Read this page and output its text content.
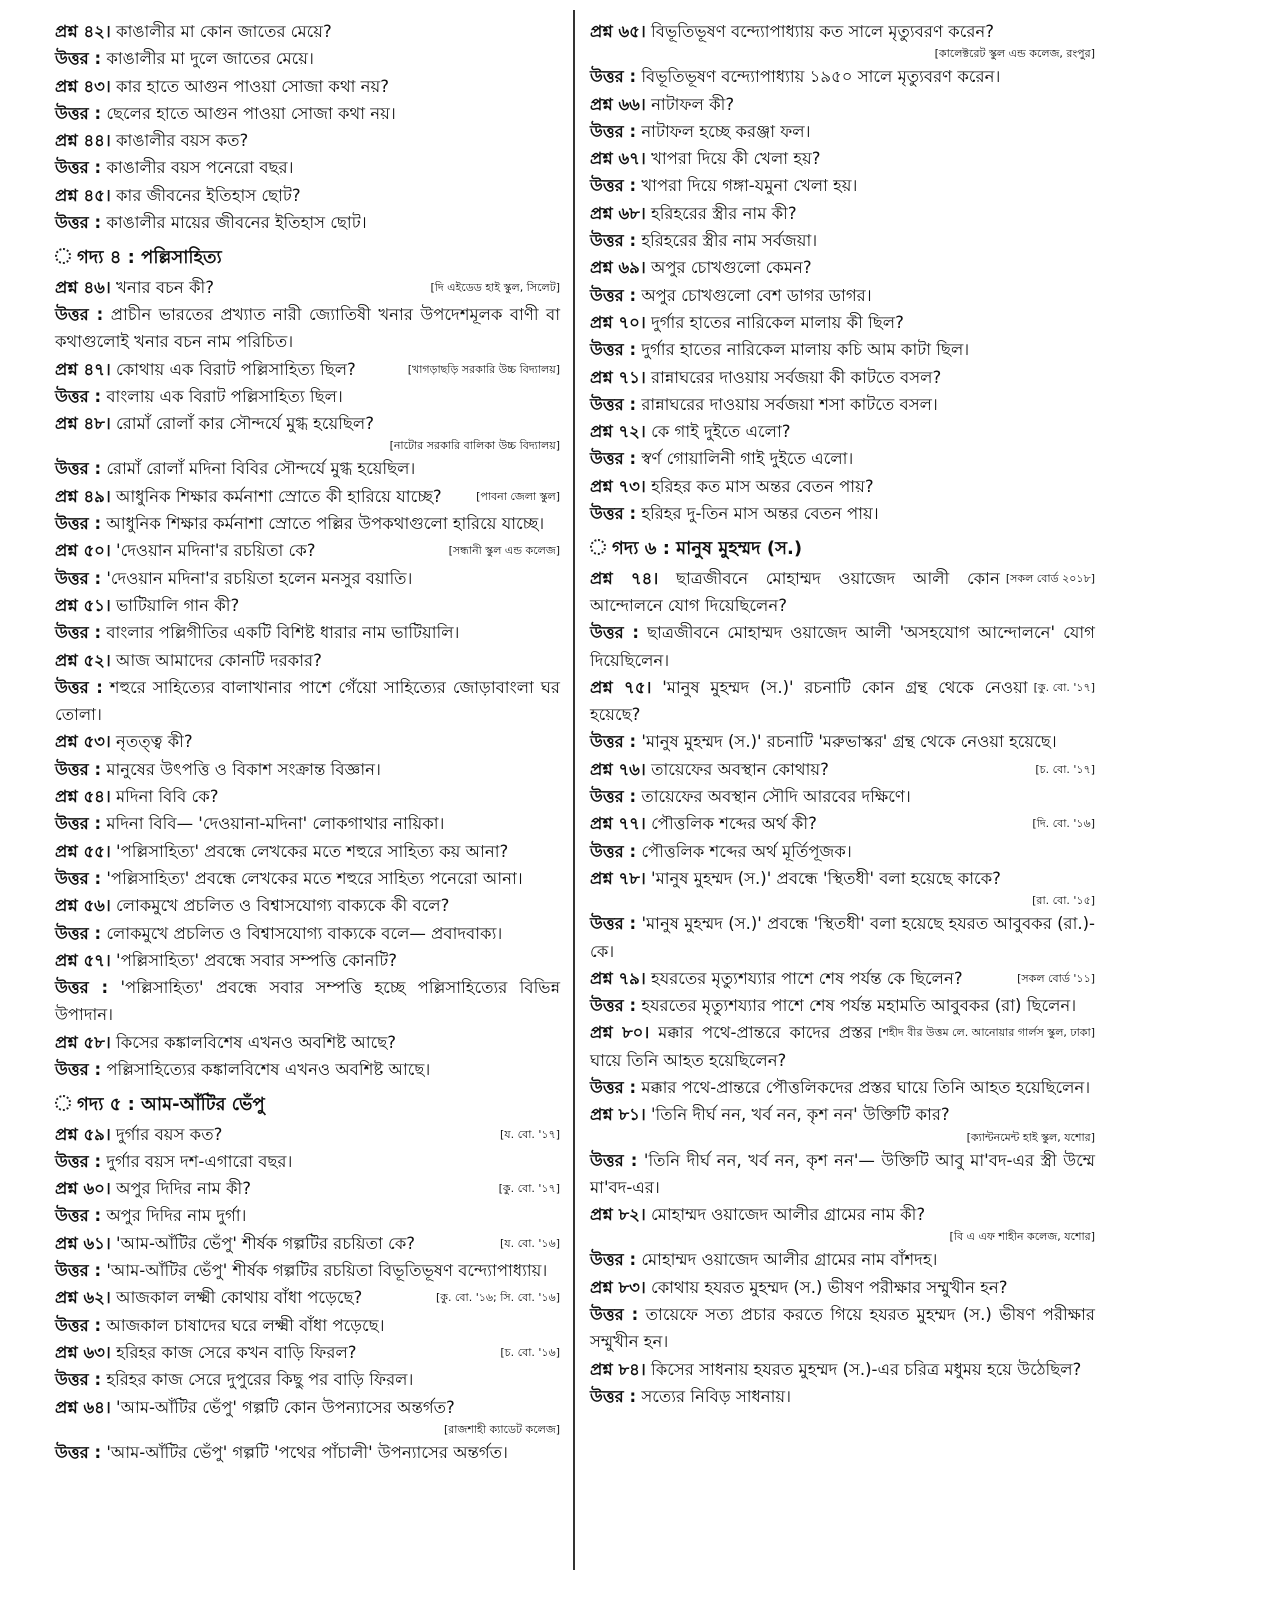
প্রশ্ন ৪২। কাঙালীর মা কোন জাতের মেয়ে?
উত্তর : কাঙালীর মা দুলে জাতের মেয়ে।
প্রশ্ন ৪৩। কার হাতে আগুন পাওয়া সোজা কথা নয়?
উত্তর : ছেলের হাতে আগুন পাওয়া সোজা কথা নয়।
প্রশ্ন ৪৪। কাঙালীর বয়স কত?
উত্তর : কাঙালীর বয়স পনেরো বছর।
প্রশ্ন ৪৫। কার জীবনের ইতিহাস ছোট?
উত্তর : কাঙালীর মায়ের জীবনের ইতিহাস ছোট।
গদ্য ৪ : পল্লিসাহিত্য
প্রশ্ন ৪৬।	[দি এইডেড হাই স্কুল, সিলেট]
খনার বচন কী?
উত্তর : প্রাচীন ভারতের প্রখ্যাত নারী জ্যোতিষী খনার উপদেশমূলক বাণী বা কথাগুলোই খনার বচন নাম পরিচিত।
প্রশ্ন ৪৭।	[খাগড়াছড়ি সরকারি উচ্চ বিদ্যালয়]
কোথায় এক বিরাট পল্লিসাহিত্য ছিল?
উত্তর : বাংলায় এক বিরাট পল্লিসাহিত্য ছিল।
প্রশ্ন ৪৮। রোমাঁ রোলাঁ কার সৌন্দর্যে মুগ্ধ হয়েছিল?
[নাটোর সরকারি বালিকা উচ্চ বিদ্যালয়]
উত্তর : রোমাঁ রোলাঁ মদিনা বিবির সৌন্দর্যে মুগ্ধ হয়েছিল।
প্রশ্ন ৪৯।	[পাবনা জেলা স্কুল]
আধুনিক শিক্ষার কর্মনাশা স্রোতে কী হারিয়ে যাচ্ছে?
উত্তর : আধুনিক শিক্ষার কর্মনাশা স্রোতে পল্লির উপকথাগুলো হারিয়ে যাচ্ছে।
প্রশ্ন ৫০।	[সন্ধানী স্কুল এন্ড কলেজ]
'দেওয়ান মদিনা'র রচয়িতা কে?
উত্তর : 'দেওয়ান মদিনা'র রচয়িতা হলেন মনসুর বয়াতি।
প্রশ্ন ৫১। ভাটিয়ালি গান কী?
উত্তর : বাংলার পল্লিগীতির একটি বিশিষ্ট ধারার নাম ভাটিয়ালি।
প্রশ্ন ৫২। আজ আমাদের কোনটি দরকার?
উত্তর : শহুরে সাহিত্যের বালাখানার পাশে গেঁয়ো সাহিত্যের জোড়াবাংলা ঘর তোলা।
প্রশ্ন ৫৩। নৃতত্ত্ব কী?
উত্তর : মানুষের উৎপত্তি ও বিকাশ সংক্রান্ত বিজ্ঞান।
প্রশ্ন ৫৪। মদিনা বিবি কে?
উত্তর : মদিনা বিবি— 'দেওয়ানা-মদিনা' লোকগাথার নায়িকা।
প্রশ্ন ৫৫। 'পল্লিসাহিত্য' প্রবন্ধে লেখকের মতে শহুরে সাহিত্য কয় আনা?
উত্তর : 'পল্লিসাহিত্য' প্রবন্ধে লেখকের মতে শহুরে সাহিত্য পনেরো আনা।
প্রশ্ন ৫৬। লোকমুখে প্রচলিত ও বিশ্বাসযোগ্য বাক্যকে কী বলে?
উত্তর : লোকমুখে প্রচলিত ও বিশ্বাসযোগ্য বাক্যকে বলে— প্রবাদবাক্য।
প্রশ্ন ৫৭। 'পল্লিসাহিত্য' প্রবন্ধে সবার সম্পত্তি কোনটি?
উত্তর : 'পল্লিসাহিত্য' প্রবন্ধে সবার সম্পত্তি হচ্ছে পল্লিসাহিত্যের বিভিন্ন উপাদান।
প্রশ্ন ৫৮। কিসের কঙ্কালবিশেষ এখনও অবশিষ্ট আছে?
উত্তর : পল্লিসাহিত্যের কঙ্কালবিশেষ এখনও অবশিষ্ট আছে।
গদ্য ৫ : আম-আঁটির ভেঁপু
প্রশ্ন ৫৯।	[য. বো. '১৭]
দুর্গার বয়স কত?
উত্তর : দুর্গার বয়স দশ-এগারো বছর।
প্রশ্ন ৬০।	[কু. বো. '১৭]
অপুর দিদির নাম কী?
উত্তর : অপুর দিদির নাম দুর্গা।
প্রশ্ন ৬১।	[য. বো. '১৬]
'আম-আঁটির ভেঁপু' শীর্ষক গল্পটির রচয়িতা কে?
উত্তর : 'আম-আঁটির ভেঁপু' শীর্ষক গল্পটির রচয়িতা বিভূতিভূষণ বন্দ্যোপাধ্যায়।
প্রশ্ন ৬২।	[কু. বো. '১৬; সি. বো. '১৬]
আজকাল লক্ষ্মী কোথায় বাঁধা পড়েছে?
উত্তর : আজকাল চাষাদের ঘরে লক্ষ্মী বাঁধা পড়েছে।
প্রশ্ন ৬৩।	[চ. বো. '১৬]
হরিহর কাজ সেরে কখন বাড়ি ফিরল?
উত্তর : হরিহর কাজ সেরে দুপুরের কিছু পর বাড়ি ফিরল।
প্রশ্ন ৬৪। 'আম-আঁটির ভেঁপু' গল্পটি কোন উপন্যাসের অন্তর্গত?
[রাজশাহী ক্যাডেট কলেজ]
উত্তর : 'আম-আঁটির ভেঁপু' গল্পটি 'পথের পাঁচালী' উপন্যাসের অন্তর্গত।
প্রশ্ন ৬৫। বিভূতিভূষণ বন্দ্যোপাধ্যায় কত সালে মৃত্যুবরণ করেন?
[কালেক্টরেট স্কুল এন্ড কলেজ, রংপুর]
উত্তর : বিভূতিভূষণ বন্দ্যোপাধ্যায় ১৯৫০ সালে মৃত্যুবরণ করেন।
প্রশ্ন ৬৬। নাটাফল কী?
উত্তর : নাটাফল হচ্ছে করঞ্জা ফল।
প্রশ্ন ৬৭। খাপরা দিয়ে কী খেলা হয়?
উত্তর : খাপরা দিয়ে গঙ্গা-যমুনা খেলা হয়।
প্রশ্ন ৬৮। হরিহরের স্ত্রীর নাম কী?
উত্তর : হরিহরের স্ত্রীর নাম সর্বজয়া।
প্রশ্ন ৬৯। অপুর চোখগুলো কেমন?
উত্তর : অপুর চোখগুলো বেশ ডাগর ডাগর।
প্রশ্ন ৭০। দুর্গার হাতের নারিকেল মালায় কী ছিল?
উত্তর : দুর্গার হাতের নারিকেল মালায় কচি আম কাটা ছিল।
প্রশ্ন ৭১। রান্নাঘরের দাওয়ায় সর্বজয়া কী কাটতে বসল?
উত্তর : রান্নাঘরের দাওয়ায় সর্বজয়া শসা কাটতে বসল।
প্রশ্ন ৭২। কে গাই দুইতে এলো?
উত্তর : স্বর্ণ গোয়ালিনী গাই দুইতে এলো।
প্রশ্ন ৭৩। হরিহর কত মাস অন্তর বেতন পায়?
উত্তর : হরিহর দু-তিন মাস অন্তর বেতন পায়।
গদ্য ৬ : মানুষ মুহম্মদ (স.)
প্রশ্ন ৭৪।	[সকল বোর্ড ২০১৮]
ছাত্রজীবনে মোহাম্মদ ওয়াজেদ আলী কোন আন্দোলনে যোগ দিয়েছিলেন?
উত্তর : ছাত্রজীবনে মোহাম্মদ ওয়াজেদ আলী 'অসহযোগ আন্দোলনে' যোগ দিয়েছিলেন।
প্রশ্ন ৭৫।	[কু. বো. '১৭]
'মানুষ মুহম্মদ (স.)' রচনাটি কোন গ্রন্থ থেকে নেওয়া হয়েছে?
উত্তর : 'মানুষ মুহম্মদ (স.)' রচনাটি 'মরুভাস্কর' গ্রন্থ থেকে নেওয়া হয়েছে।
প্রশ্ন ৭৬।	[চ. বো. '১৭]
তায়েফের অবস্থান কোথায়?
উত্তর : তায়েফের অবস্থান সৌদি আরবের দক্ষিণে।
প্রশ্ন ৭৭।	[দি. বো. '১৬]
পৌত্তলিক শব্দের অর্থ কী?
উত্তর : পৌত্তলিক শব্দের অর্থ মূর্তিপূজক।
প্রশ্ন ৭৮। 'মানুষ মুহম্মদ (স.)' প্রবন্ধে 'স্থিতধী' বলা হয়েছে কাকে?
[রা. বো. '১৫]
উত্তর : 'মানুষ মুহম্মদ (স.)' প্রবন্ধে 'স্থিতধী' বলা হয়েছে হযরত আবুবকর (রা.)-কে।
প্রশ্ন ৭৯।	[সকল বোর্ড '১১]
হযরতের মৃত্যুশয্যার পাশে শেষ পর্যন্ত কে ছিলেন?
উত্তর : হযরতের মৃত্যুশয্যার পাশে শেষ পর্যন্ত মহামতি আবুবকর (রা) ছিলেন।
প্রশ্ন ৮০।	[শহীদ বীর উত্তম লে. আনোয়ার গার্লস স্কুল, ঢাকা]
মক্কার পথে-প্রান্তরে কাদের প্রস্তর ঘায়ে তিনি আহত হয়েছিলেন?
উত্তর : মক্কার পথে-প্রান্তরে পৌত্তলিকদের প্রস্তর ঘায়ে তিনি আহত হয়েছিলেন।
প্রশ্ন ৮১। 'তিনি দীর্ঘ নন, খর্ব নন, কৃশ নন' উক্তিটি কার?
[ক্যান্টনমেন্ট হাই স্কুল, যশোর]
উত্তর : 'তিনি দীর্ঘ নন, খর্ব নন, কৃশ নন'— উক্তিটি আবু মা'বদ-এর স্ত্রী উম্মে মা'বদ-এর।
প্রশ্ন ৮২। মোহাম্মদ ওয়াজেদ আলীর গ্রামের নাম কী?
[বি এ এফ শাহীন কলেজ, যশোর]
উত্তর : মোহাম্মদ ওয়াজেদ আলীর গ্রামের নাম বাঁশদহ।
প্রশ্ন ৮৩। কোথায় হযরত মুহম্মদ (স.) ভীষণ পরীক্ষার সম্মুখীন হন?
উত্তর : তায়েফে সত্য প্রচার করতে গিয়ে হযরত মুহম্মদ (স.) ভীষণ পরীক্ষার সম্মুখীন হন।
প্রশ্ন ৮৪। কিসের সাধনায় হযরত মুহম্মদ (স.)-এর চরিত্র মধুময় হয়ে উঠেছিল?
উত্তর : সত্যের নিবিড় সাধনায়।
